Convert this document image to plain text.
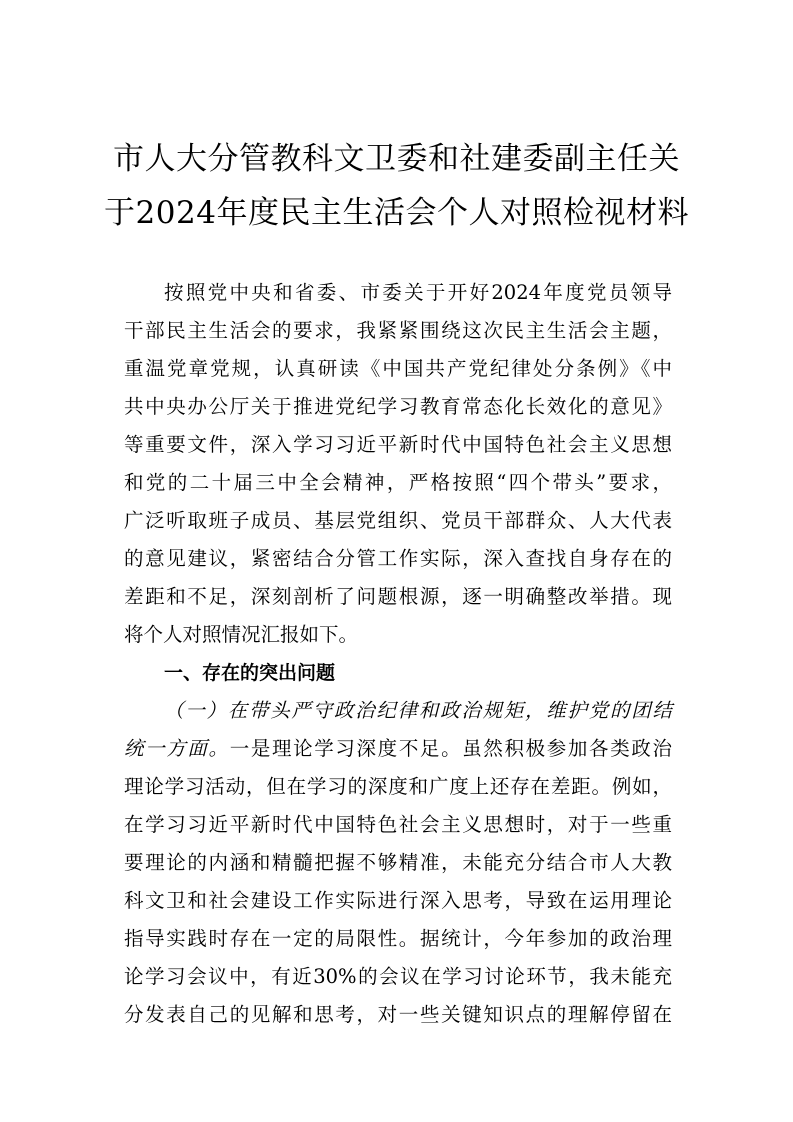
市人大分管教科文卫委和社建委副主任关
于2024年度民主生活会个人对照检视材料
按照党中央和省委、市委关于开好2024年度党员领导
干部民主生活会的要求，我紧紧围绕这次民主生活会主题，
重温党章党规，认真研读《中国共产党纪律处分条例》《中
共中央办公厅关于推进党纪学习教育常态化长效化的意见》
等重要文件，深入学习习近平新时代中国特色社会主义思想
和党的二十届三中全会精神，严格按照“四个带头”要求，
广泛听取班子成员、基层党组织、党员干部群众、人大代表
的意见建议，紧密结合分管工作实际，深入查找自身存在的
差距和不足，深刻剖析了问题根源，逐一明确整改举措。现
将个人对照情况汇报如下。
一、存在的突出问题
（一）在带头严守政治纪律和政治规矩，维护党的团结
统一方面。一是理论学习深度不足。虽然积极参加各类政治
理论学习活动，但在学习的深度和广度上还存在差距。例如，
在学习习近平新时代中国特色社会主义思想时，对于一些重
要理论的内涵和精髓把握不够精准，未能充分结合市人大教
科文卫和社会建设工作实际进行深入思考，导致在运用理论
指导实践时存在一定的局限性。据统计，今年参加的政治理
论学习会议中，有近30%的会议在学习讨论环节，我未能充
分发表自己的见解和思考，对一些关键知识点的理解停留在
